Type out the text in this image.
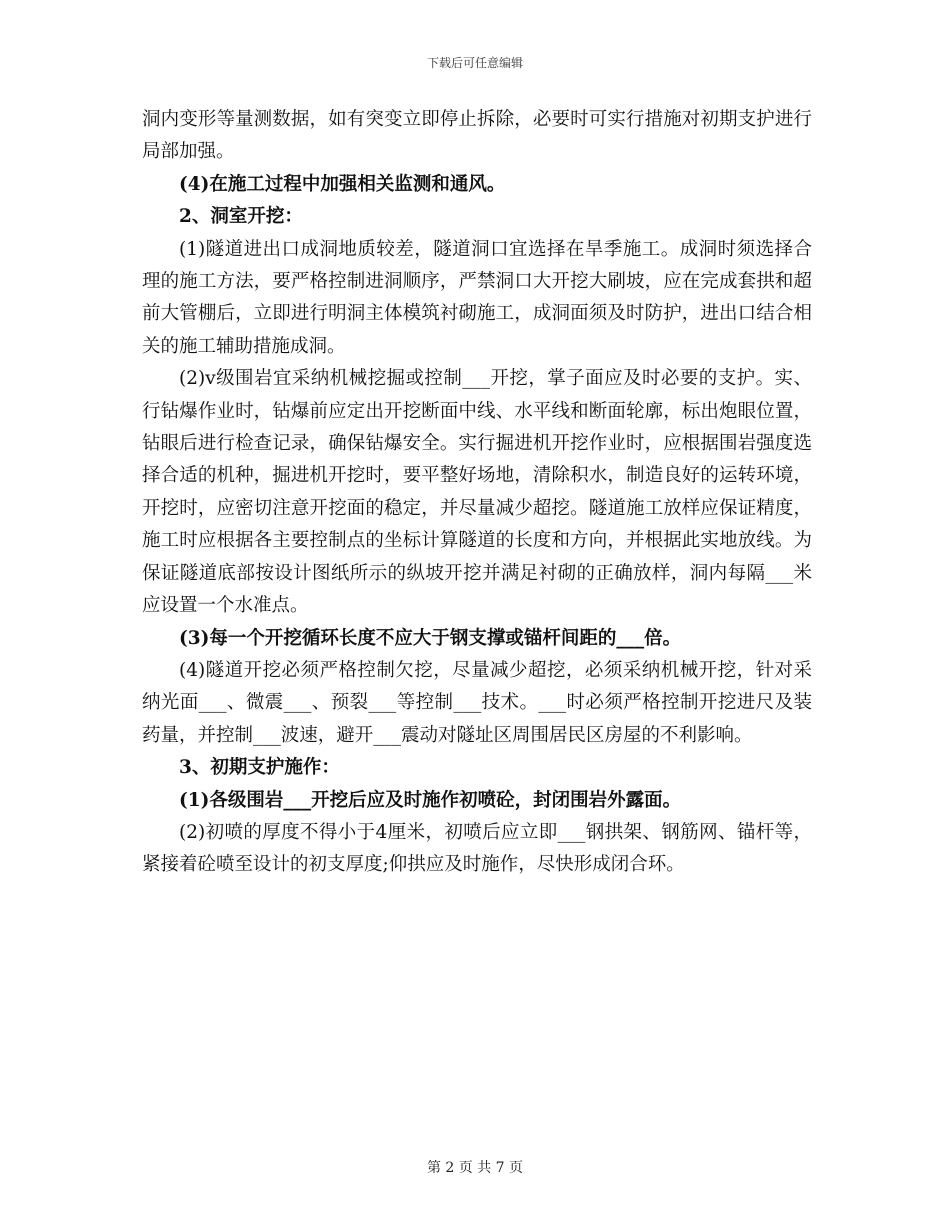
下载后可任意编辑

洞内变形等量测数据，如有突变立即停止拆除，必要时可实行措施对初期支护进行局部加强。

(4)在施工过程中加强相关监测和通风。

2、洞室开挖：

(1)隧道进出口成洞地质较差，隧道洞口宜选择在旱季施工。成洞时须选择合理的施工方法，要严格控制进洞顺序，严禁洞口大开挖大刷坡，应在完成套拱和超前大管棚后，立即进行明洞主体模筑衬砌施工，成洞面须及时防护，进出口结合相关的施工辅助措施成洞。

(2)v级围岩宜采纳机械挖掘或控制___开挖，掌子面应及时必要的支护。实、行钻爆作业时，钻爆前应定出开挖断面中线、水平线和断面轮廓，标出炮眼位置，钻眼后进行检查记录，确保钻爆安全。实行掘进机开挖作业时，应根据围岩强度选择合适的机种，掘进机开挖时，要平整好场地，清除积水，制造良好的运转环境，开挖时，应密切注意开挖面的稳定，并尽量减少超挖。隧道施工放样应保证精度，施工时应根据各主要控制点的坐标计算隧道的长度和方向，并根据此实地放线。为保证隧道底部按设计图纸所示的纵坡开挖并满足衬砌的正确放样，洞内每隔___米应设置一个水准点。

(3)每一个开挖循环长度不应大于钢支撑或锚杆间距的___倍。

(4)隧道开挖必须严格控制欠挖，尽量减少超挖，必须采纳机械开挖，针对采纳光面___、微震___、预裂___等控制___技术。___时必须严格控制开挖进尺及装药量，并控制___波速，避开___震动对隧址区周围居民区房屋的不利影响。

3、初期支护施作：

(1)各级围岩___开挖后应及时施作初喷砼，封闭围岩外露面。

(2)初喷的厚度不得小于4厘米，初喷后应立即___钢拱架、钢筋网、锚杆等，紧接着砼喷至设计的初支厚度;仰拱应及时施作，尽快形成闭合环。

第 2 页 共 7 页
